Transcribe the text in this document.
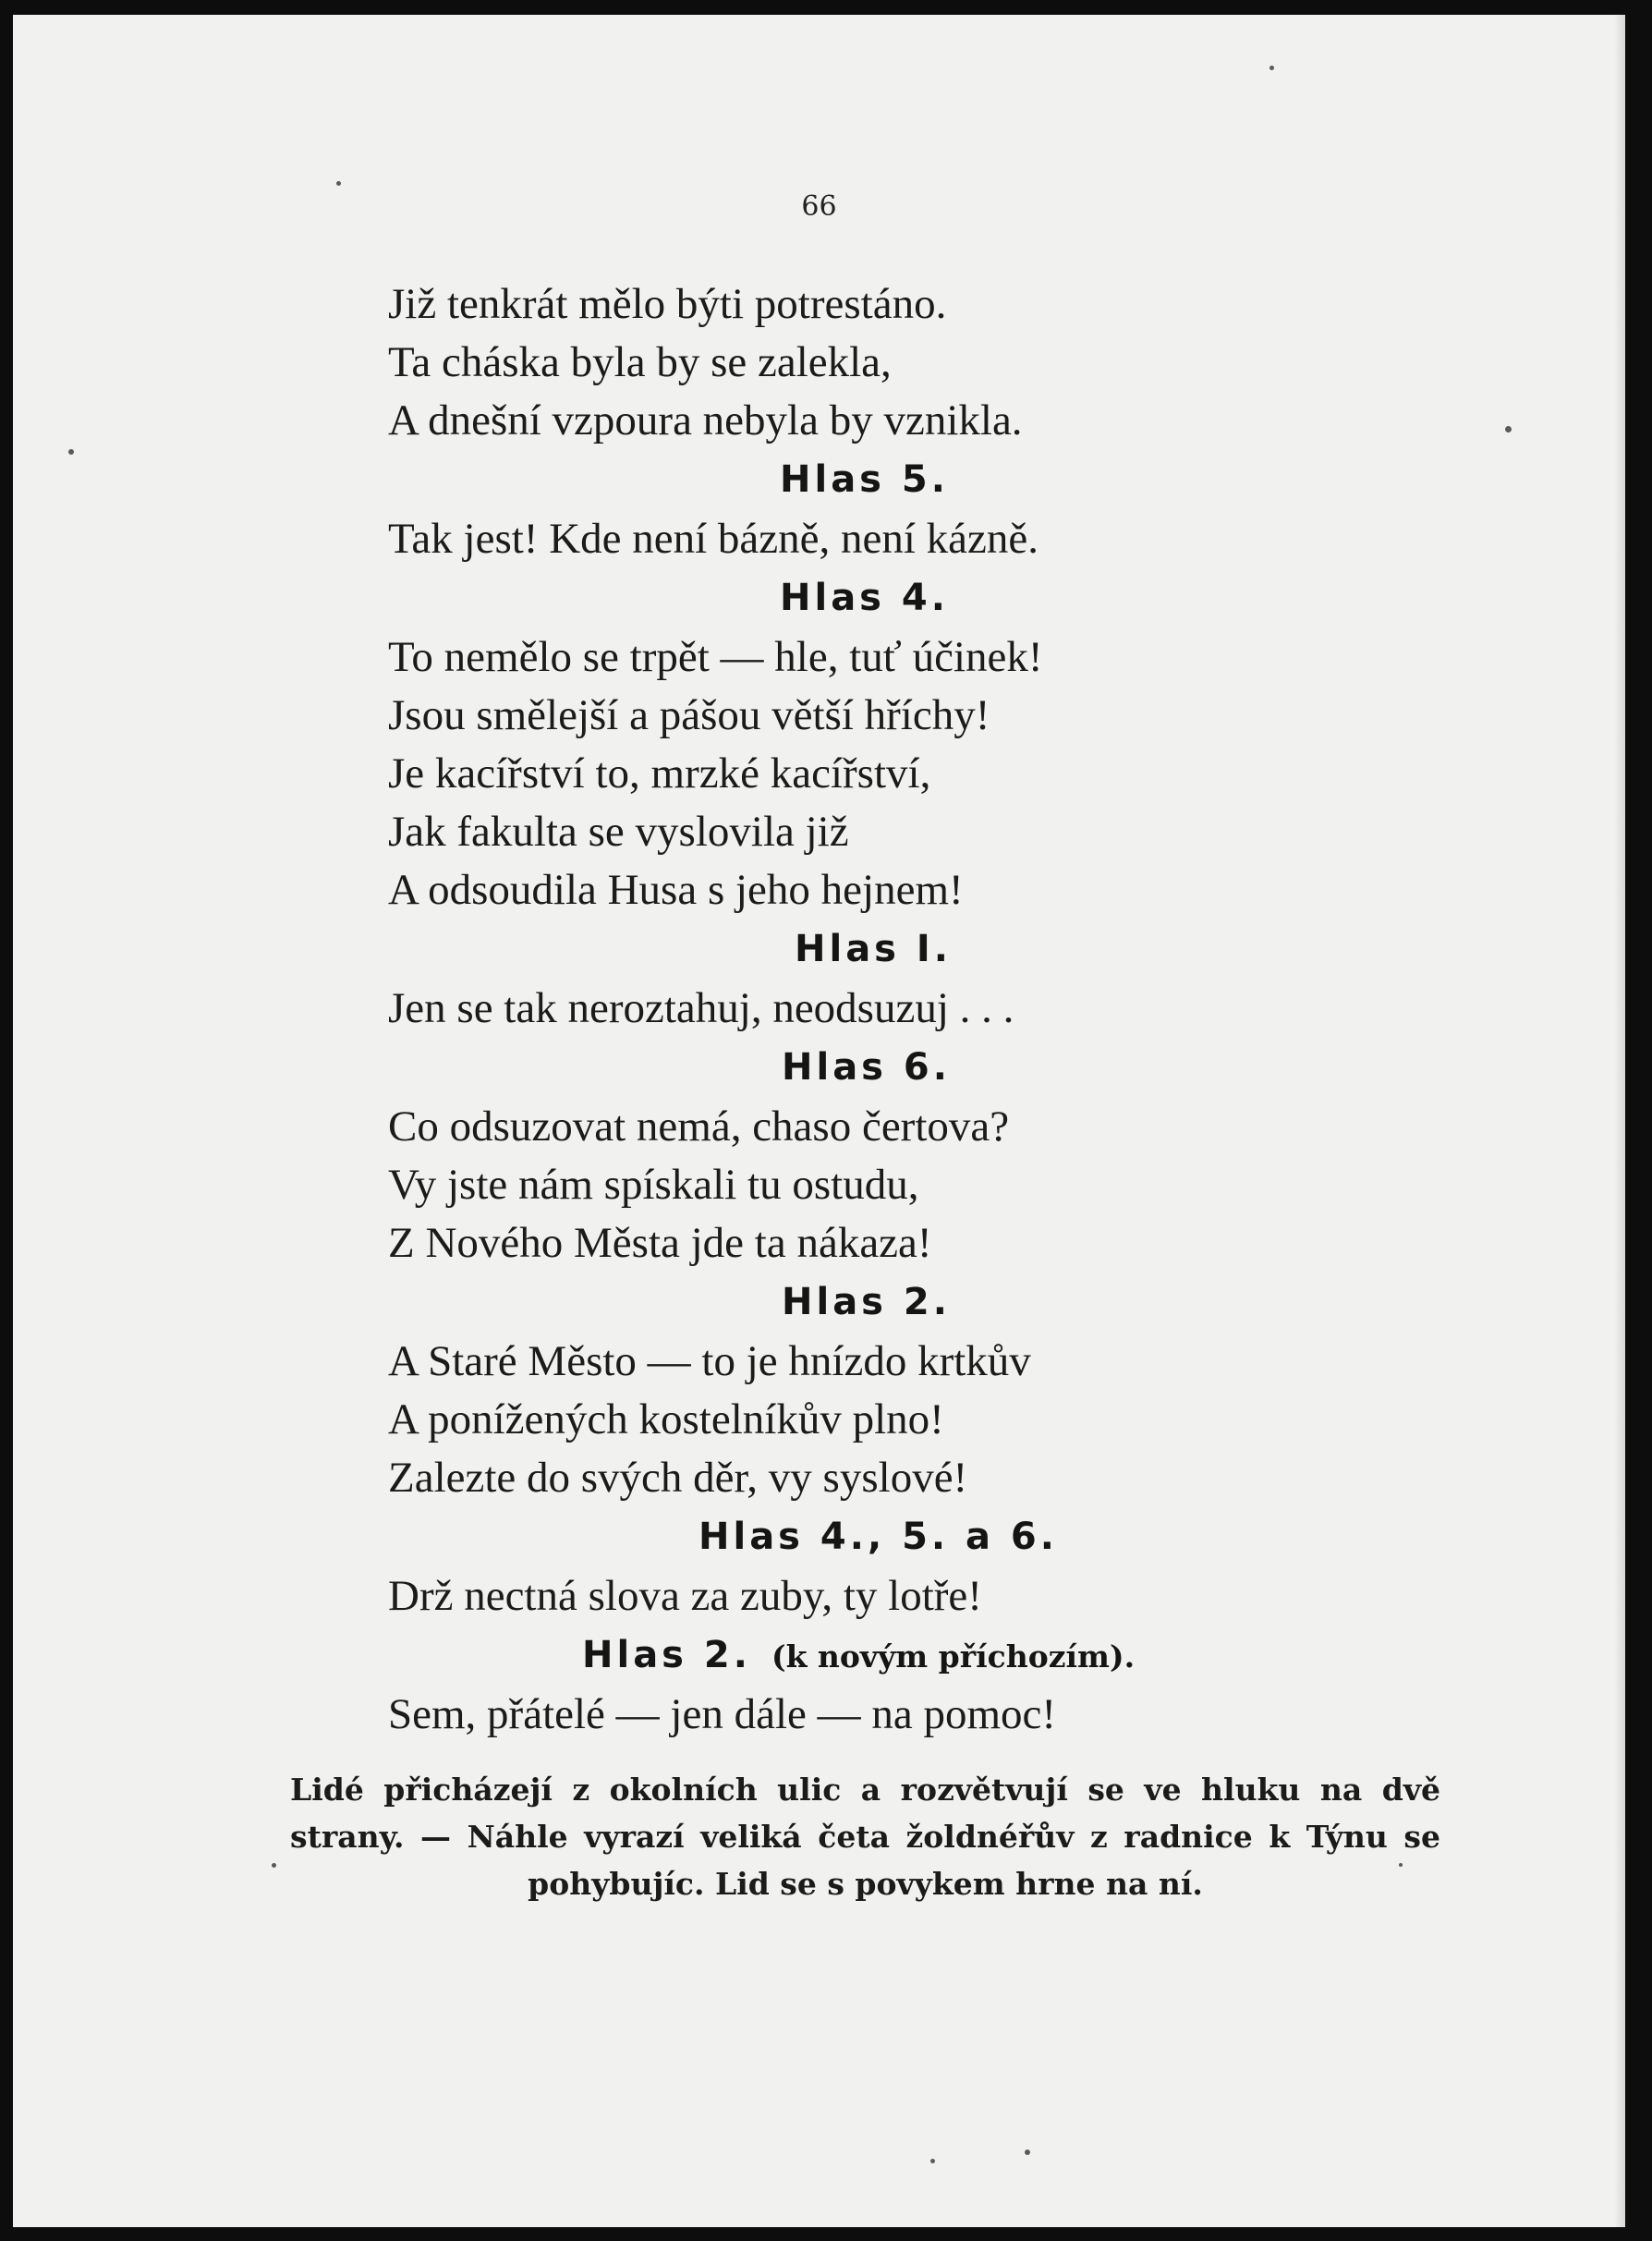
66

Již tenkrát mělo býti potrestáno.

Ta cháska byla by se zalekla,

A dnešní vzpoura nebyla by vznikla.

Hlas 5.

Tak jest! Kde není bázně, není kázně.

Hlas 4.

To nemělo se trpět — hle, tuť účinek!

Jsou smělejší a pášou větší hříchy!

Je kacířství to, mrzké kacířství,

Jak fakulta se vyslovila již

A odsoudila Husa s jeho hejnem!

Hlas I.

Jen se tak neroztahuj, neodsuzuj . . .

Hlas 6.

Co odsuzovat nemá, chaso čertova?

Vy jste nám spískali tu ostudu,

Z Nového Města jde ta nákaza!

Hlas 2.

A Staré Město — to je hnízdo krtkův

A ponížených kostelníkův plno!

Zalezte do svých děr, vy syslové!

Hlas 4., 5. a 6.

Drž nectná slova za zuby, ty lotře!

Hlas 2. (k novým příchozím).

Sem, přátelé — jen dále — na pomoc!

Lidé přicházejí z okolních ulic a rozvětvují se ve hluku na dvě strany. — Náhle vyrazí veliká četa žoldnéřův z radnice k Týnu se pohybujíc. Lid se s povykem hrne na ní.
